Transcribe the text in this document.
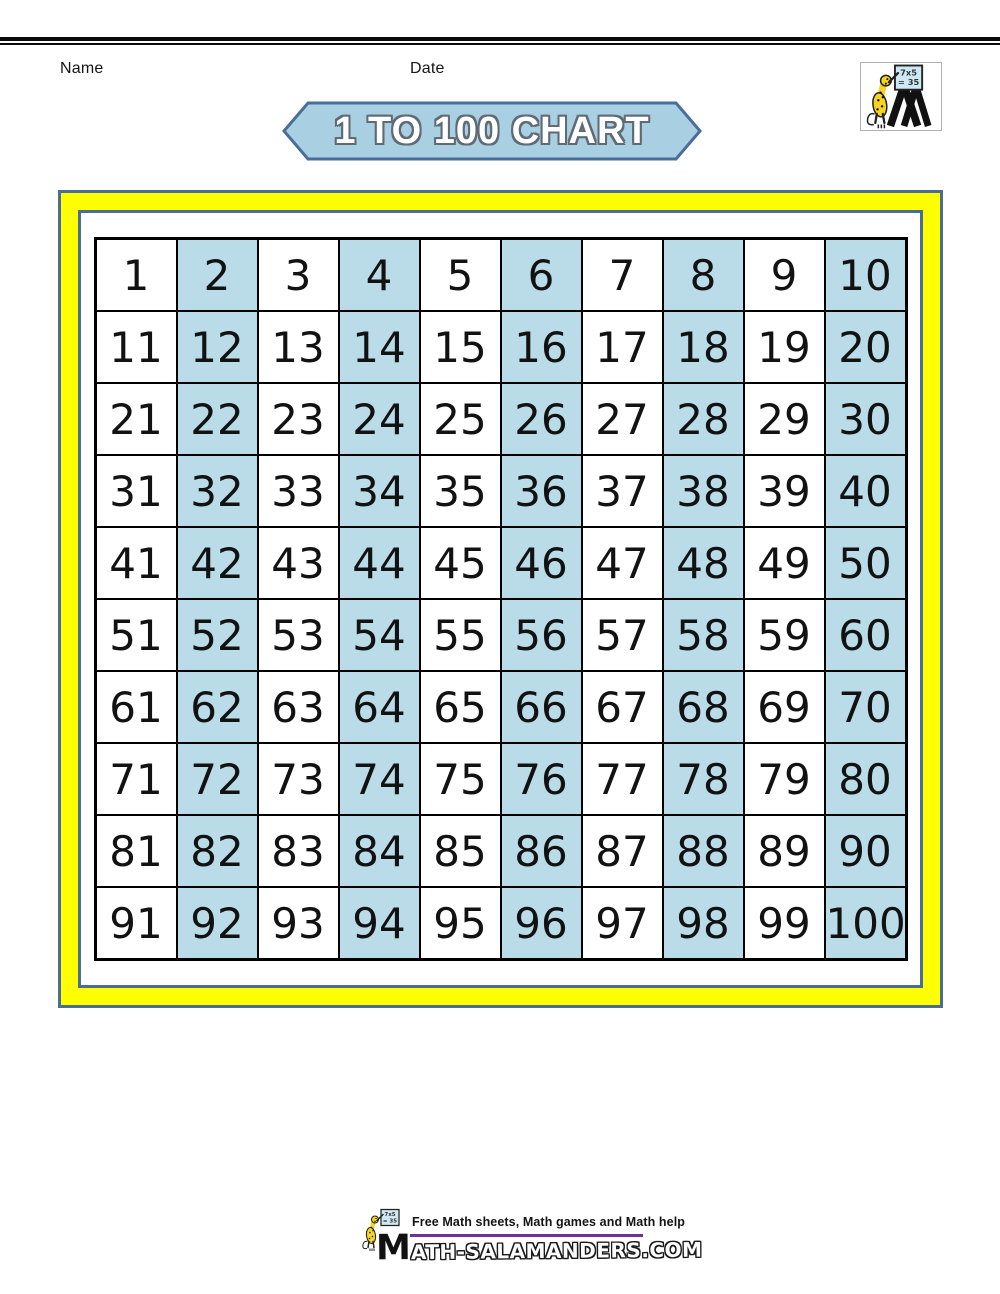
Name	Date
1 TO 100 CHART
1	2	3	4	5	6	7	8	9	10
11	12	13	14	15	16	17	18	19	20
21	22	23	24	25	26	27	28	29	30
31	32	33	34	35	36	37	38	39	40
41	42	43	44	45	46	47	48	49	50
51	52	53	54	55	56	57	58	59	60
61	62	63	64	65	66	67	68	69	70
71	72	73	74	75	76	77	78	79	80
81	82	83	84	85	86	87	88	89	90
91	92	93	94	95	96	97	98	99	100
Free Math sheets, Math games and Math help
MATH-SALAMANDERS.COM
